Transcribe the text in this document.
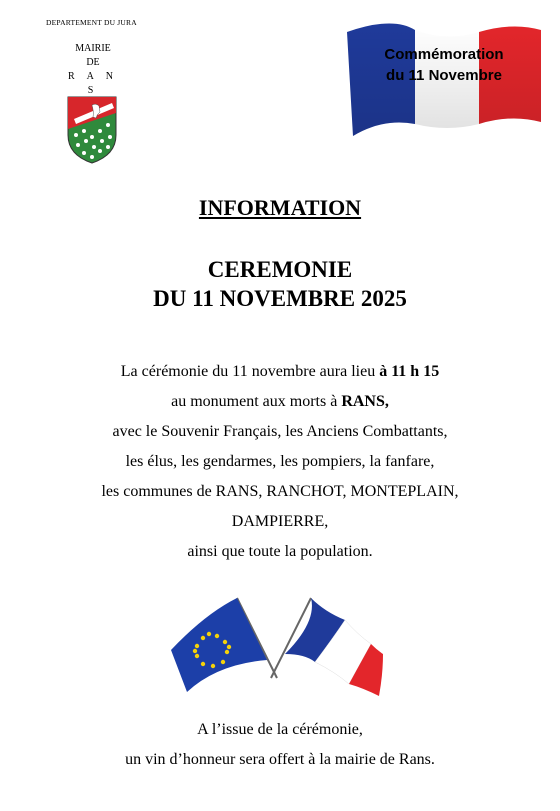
DEPARTEMENT DU JURA
MAIRIE
DE
R A N S
Commémoration
du 11 Novembre
INFORMATION
CEREMONIE
DU 11 NOVEMBRE 2025
La cérémonie du 11 novembre aura lieu à 11 h 15
au monument aux morts à RANS,
avec le Souvenir Français, les Anciens Combattants,
les élus, les gendarmes, les pompiers, la fanfare,
les communes de RANS, RANCHOT, MONTEPLAIN,
DAMPIERRE,
ainsi que toute la population.
A l’issue de la cérémonie,
un vin d’honneur sera offert à la mairie de Rans.
